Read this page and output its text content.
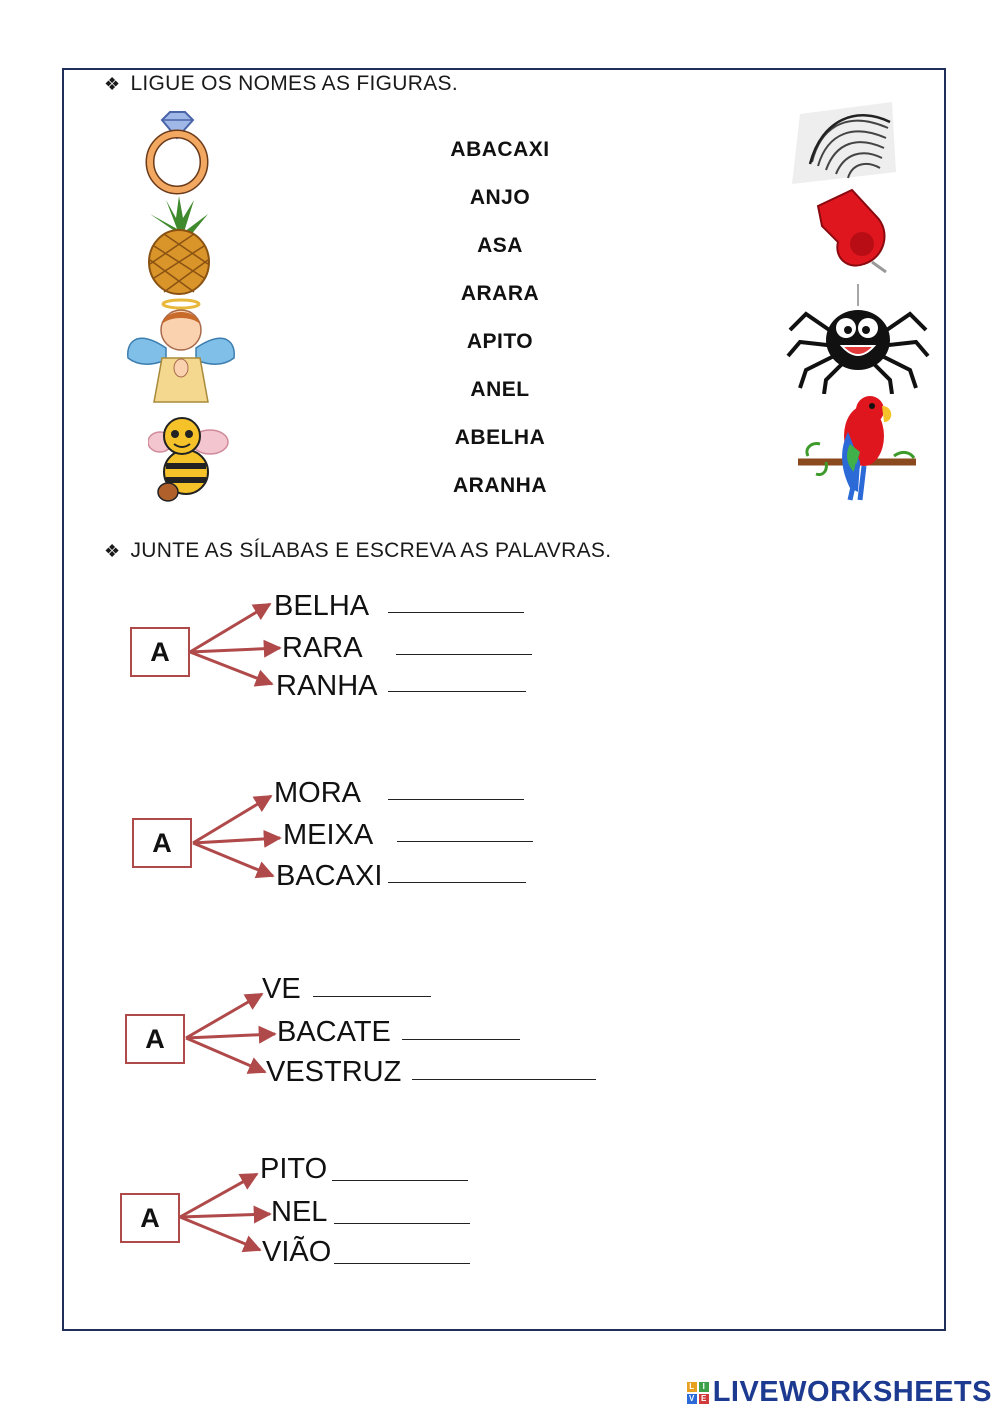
❖ LIGUE OS NOMES AS FIGURAS.
ABACAXI
ANJO
ASA
ARARA
APITO
ANEL
ABELHA
ARANHA
❖ JUNTE AS SÍLABAS E ESCREVA AS PALAVRAS.
A
BELHA
RARA
RANHA
A
MORA
MEIXA
BACAXI
A
VE
BACATE
VESTRUZ
A
PITO
NEL
VIÃO
L	I
V E LIVEWORKSHEETS
